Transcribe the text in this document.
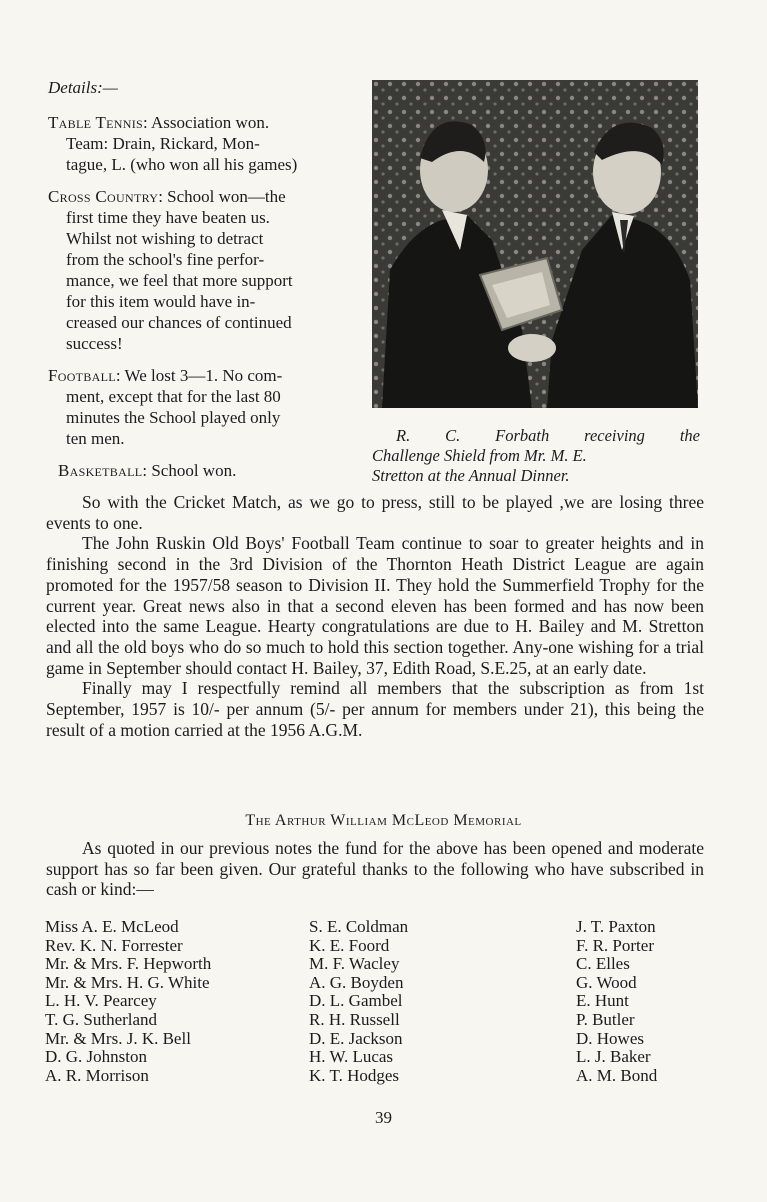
Details:—
Table Tennis: Association won.
Team: Drain, Rickard, Mon-
tague, L. (who won all his games)
Cross Country: School won—the
first time they have beaten us.
Whilst not wishing to detract
from the school's fine perfor-
mance, we feel that more support
for this item would have in-
creased our chances of continued
success!
Football: We lost 3—1. No com-
ment, except that for the last 80
minutes the School played only
ten men.
Basketball: School won.
R. C. Forbath receiving the
Challenge Shield from Mr. M. E.
Stretton at the Annual Dinner.

So with the Cricket Match, as we go to press, still to be played ,we are losing three events to one.

The John Ruskin Old Boys' Football Team continue to soar to greater heights and in finishing second in the 3rd Division of the Thornton Heath District League are again promoted for the 1957/58 season to Division II. They hold the Summerfield Trophy for the current year. Great news also in that a second eleven has been formed and has now been elected into the same League. Hearty congratulations are due to H. Bailey and M. Stretton and all the old boys who do so much to hold this section together. Any-one wishing for a trial game in September should contact H. Bailey, 37, Edith Road, S.E.25, at an early date.

Finally may I respectfully remind all members that the subscription as from 1st September, 1957 is 10/- per annum (5/- per annum for members under 21), this being the result of a motion carried at the 1956 A.G.M.

The Arthur William McLeod Memorial

As quoted in our previous notes the fund for the above has been opened and moderate support has so far been given. Our grateful thanks to the following who have subscribed in cash or kind:—

Miss A. E. McLeod
Rev. K. N. Forrester
Mr. & Mrs. F. Hepworth
Mr. & Mrs. H. G. White
L. H. V. Pearcey
T. G. Sutherland
Mr. & Mrs. J. K. Bell
D. G. Johnston
A. R. Morrison
S. E. Coldman
K. E. Foord
M. F. Wacley
A. G. Boyden
D. L. Gambel
R. H. Russell
D. E. Jackson
H. W. Lucas
K. T. Hodges
J. T. Paxton
F. R. Porter
C. Elles
G. Wood
E. Hunt
P. Butler
D. Howes
L. J. Baker
A. M. Bond
39
